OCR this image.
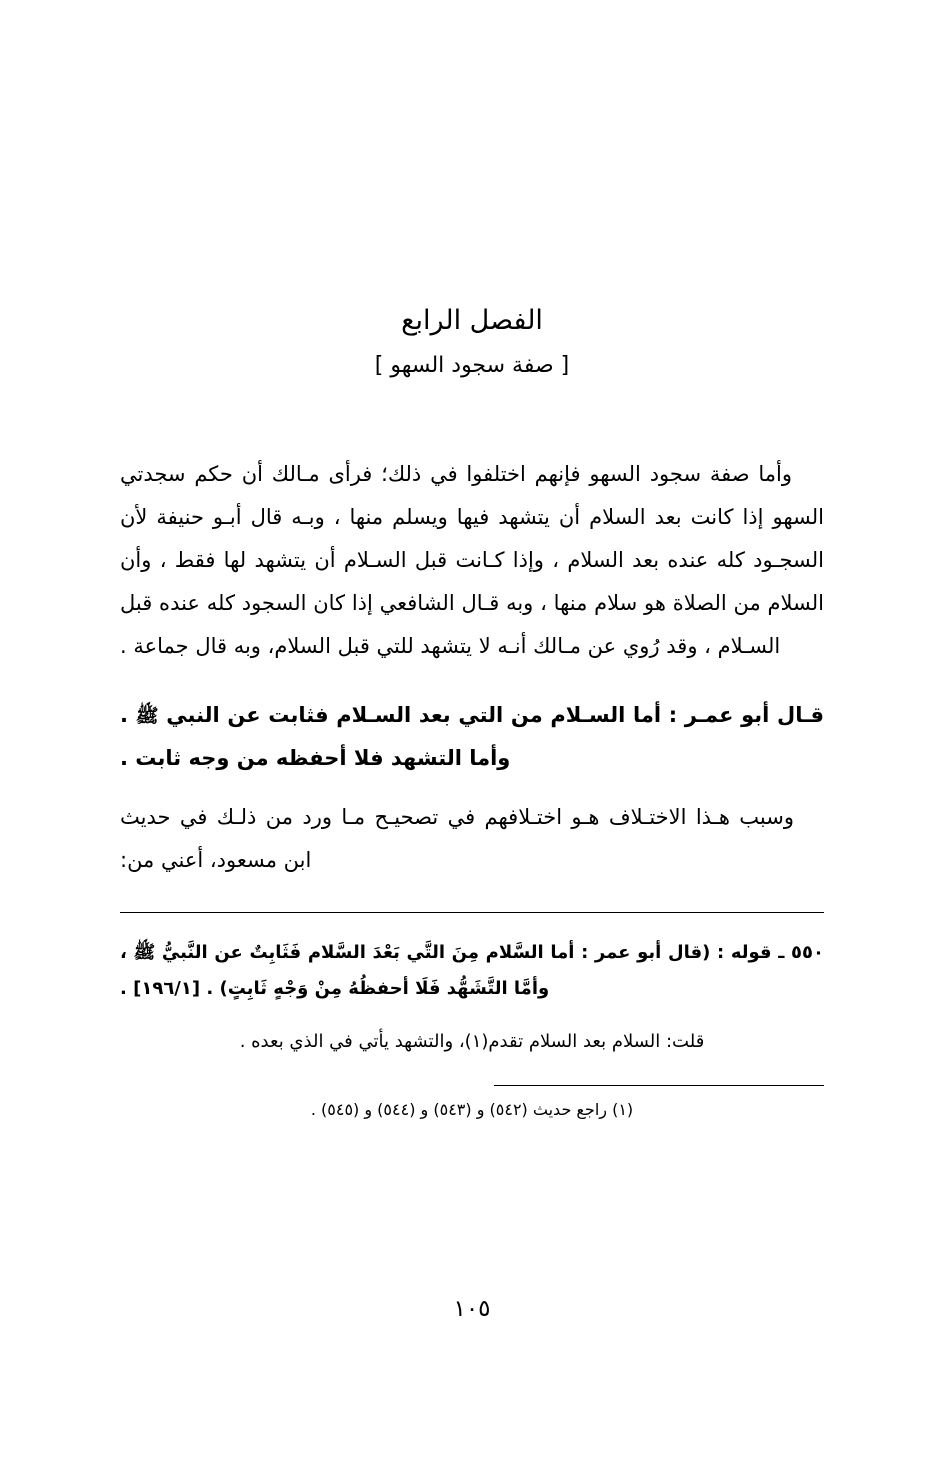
الفصل الرابع
[ صفة سجود السهو ]

وأما صفة سجود السهو فإنهم اختلفوا في ذلك؛ فرأى مـالك أن حكم سجدتي السهو إذا كانت بعد السلام أن يتشهد فيها ويسلم منها ، وبـه قال أبـو حنيفة لأن السجـود كله عنده بعد السلام ، وإذا كـانت قبل السـلام أن يتشهد لها فقط ، وأن السلام من الصلاة هو سلام منها ، وبه قـال الشافعي إذا كان السجود كله عنده قبل السـلام ، وقد رُوي عن مـالك أنـه لا يتشهد للتي قبل السلام، وبه قال جماعة .

قـال أبو عمـر : أما السـلام من التي بعد السـلام فثابت عن النبي ﷺ . وأما التشهد فلا أحفظه من وجه ثابت .

وسبب هـذا الاختـلاف هـو اختـلافهم في تصحيـح مـا ورد من ذلـك في حديث ابن مسعود، أعني من:

٥٥٠ ـ قوله : (قال أبو عمر : أما السَّلام مِنَ التَّي بَعْدَ السَّلام فَثَابِتٌ عن النَّبيُّ ﷺ ، وأمَّا التَّشَهُّد فَلَا أحفظُهُ مِنْ وَجْهٍ ثَابِتٍ) . [١٩٦/١] .

قلت: السلام بعد السلام تقدم(١)، والتشهد يأتي في الذي بعده .

(١) راجع حديث (٥٤٢) و (٥٤٣) و (٥٤٤) و (٥٤٥) .

١٠٥
